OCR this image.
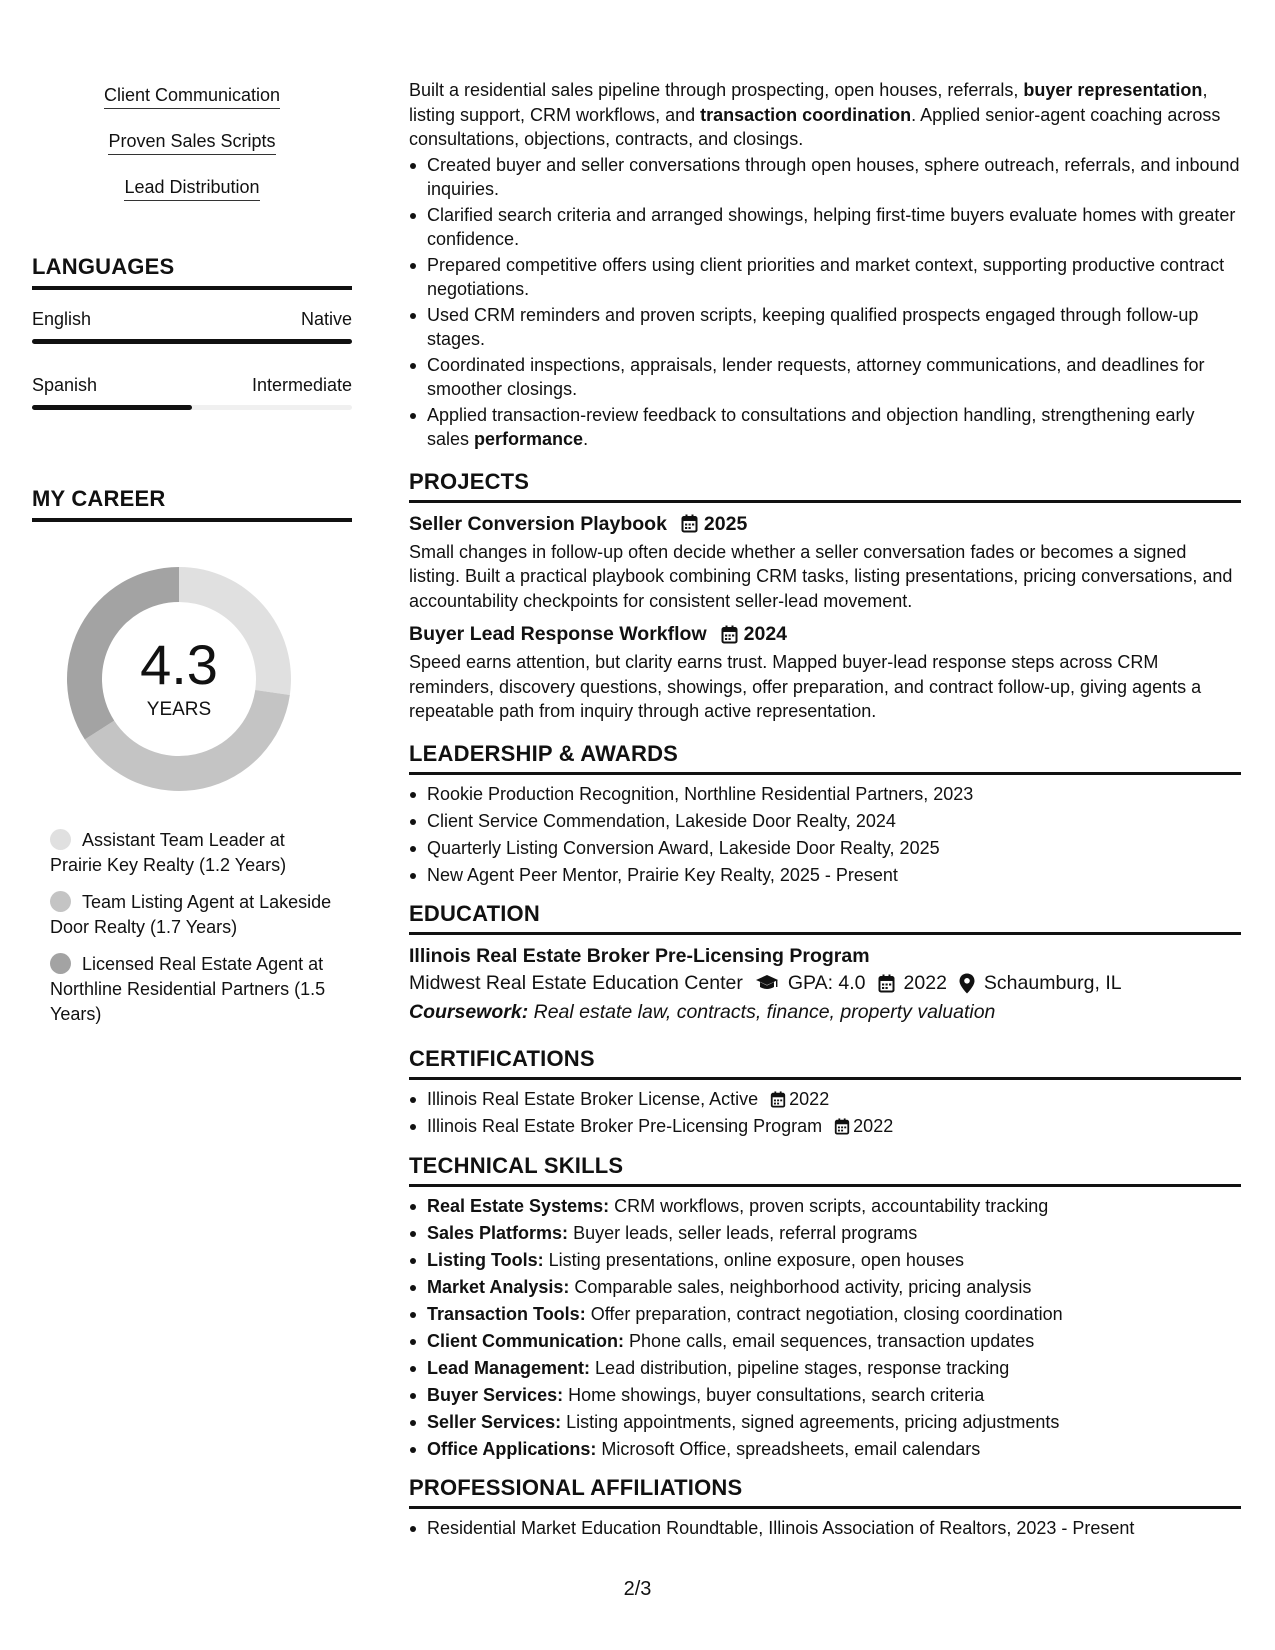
Client Communication
Proven Sales Scripts
Lead Distribution
LANGUAGES
English	Native
Spanish	Intermediate
MY CAREER
4.3
YEARS
Assistant Team Leader at Prairie Key Realty (1.2 Years)
Team Listing Agent at Lakeside Door Realty (1.7 Years)
Licensed Real Estate Agent at Northline Residential Partners (1.5 Years)

Built a residential sales pipeline through prospecting, open houses, referrals, buyer representation, listing support, CRM workflows, and transaction coordination. Applied senior-agent coaching across consultations, objections, contracts, and closings.

Created buyer and seller conversations through open houses, sphere outreach, referrals, and inbound inquiries.
Clarified search criteria and arranged showings, helping first-time buyers evaluate homes with greater confidence.
Prepared competitive offers using client priorities and market context, supporting productive contract negotiations.
Used CRM reminders and proven scripts, keeping qualified prospects engaged through follow-up stages.
Coordinated inspections, appraisals, lender requests, attorney communications, and deadlines for smoother closings.
Applied transaction-review feedback to consultations and objection handling, strengthening early sales performance.
PROJECTS
Seller Conversion Playbook 2025

Small changes in follow-up often decide whether a seller conversation fades or becomes a signed listing. Built a practical playbook combining CRM tasks, listing presentations, pricing conversations, and accountability checkpoints for consistent seller-lead movement.

Buyer Lead Response Workflow 2024

Speed earns attention, but clarity earns trust. Mapped buyer-lead response steps across CRM reminders, discovery questions, showings, offer preparation, and contract follow-up, giving agents a repeatable path from inquiry through active representation.

LEADERSHIP & AWARDS
Rookie Production Recognition, Northline Residential Partners, 2023
Client Service Commendation, Lakeside Door Realty, 2024
Quarterly Listing Conversion Award, Lakeside Door Realty, 2025
New Agent Peer Mentor, Prairie Key Realty, 2025 - Present
EDUCATION
Illinois Real Estate Broker Pre-Licensing Program
Midwest Real Estate Education Center GPA: 4.0 2022 Schaumburg, IL
Coursework: Real estate law, contracts, finance, property valuation
CERTIFICATIONS
Illinois Real Estate Broker License, Active 2022
Illinois Real Estate Broker Pre-Licensing Program 2022
TECHNICAL SKILLS
Real Estate Systems: CRM workflows, proven scripts, accountability tracking
Sales Platforms: Buyer leads, seller leads, referral programs
Listing Tools: Listing presentations, online exposure, open houses
Market Analysis: Comparable sales, neighborhood activity, pricing analysis
Transaction Tools: Offer preparation, contract negotiation, closing coordination
Client Communication: Phone calls, email sequences, transaction updates
Lead Management: Lead distribution, pipeline stages, response tracking
Buyer Services: Home showings, buyer consultations, search criteria
Seller Services: Listing appointments, signed agreements, pricing adjustments
Office Applications: Microsoft Office, spreadsheets, email calendars
PROFESSIONAL AFFILIATIONS
Residential Market Education Roundtable, Illinois Association of Realtors, 2023 - Present
2/3
